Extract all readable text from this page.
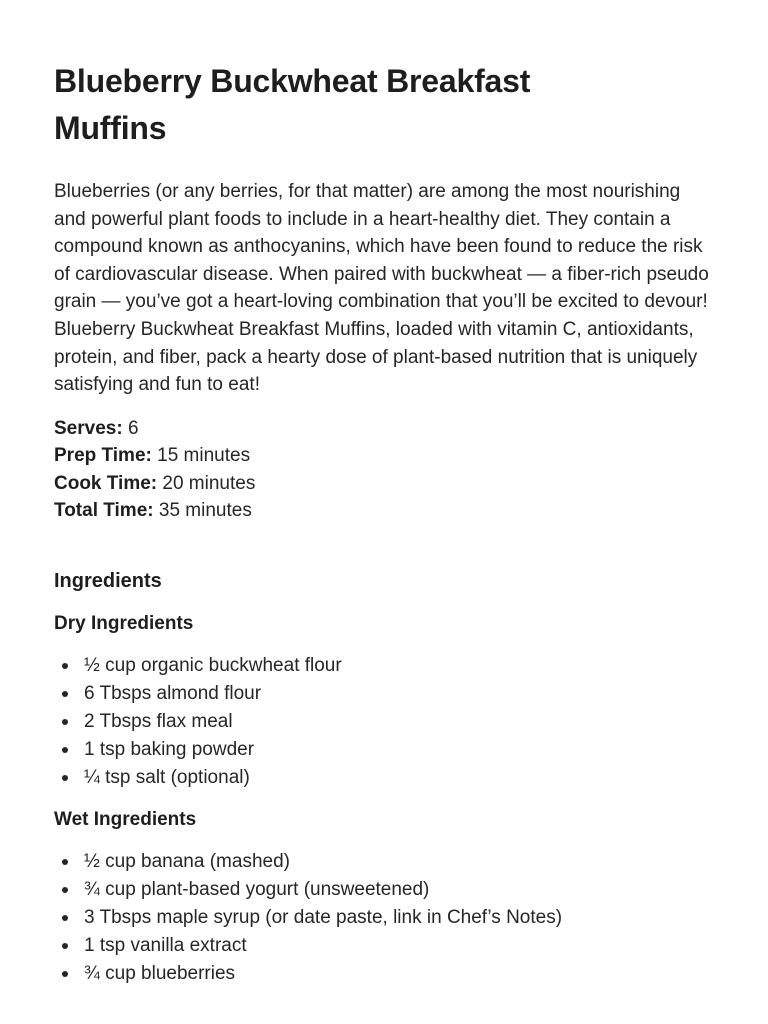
Blueberry Buckwheat Breakfast Muffins

Blueberries (or any berries, for that matter) are among the most nourishing and powerful plant foods to include in a heart-healthy diet. They contain a compound known as anthocyanins, which have been found to reduce the risk of cardiovascular disease. When paired with buckwheat — a fiber-rich pseudo grain — you’ve got a heart-loving combination that you’ll be excited to devour! Blueberry Buckwheat Breakfast Muffins, loaded with vitamin C, antioxidants, protein, and fiber, pack a hearty dose of plant-based nutrition that is uniquely satisfying and fun to eat!

Serves: 6
Prep Time: 15 minutes
Cook Time: 20 minutes
Total Time: 35 minutes
Ingredients
Dry Ingredients
½ cup organic buckwheat flour
6 Tbsps almond flour
2 Tbsps flax meal
1 tsp baking powder
¼ tsp salt (optional)
Wet Ingredients
½ cup banana (mashed)
¾ cup plant-based yogurt (unsweetened)
3 Tbsps maple syrup (or date paste, link in Chef’s Notes)
1 tsp vanilla extract
¾ cup blueberries
